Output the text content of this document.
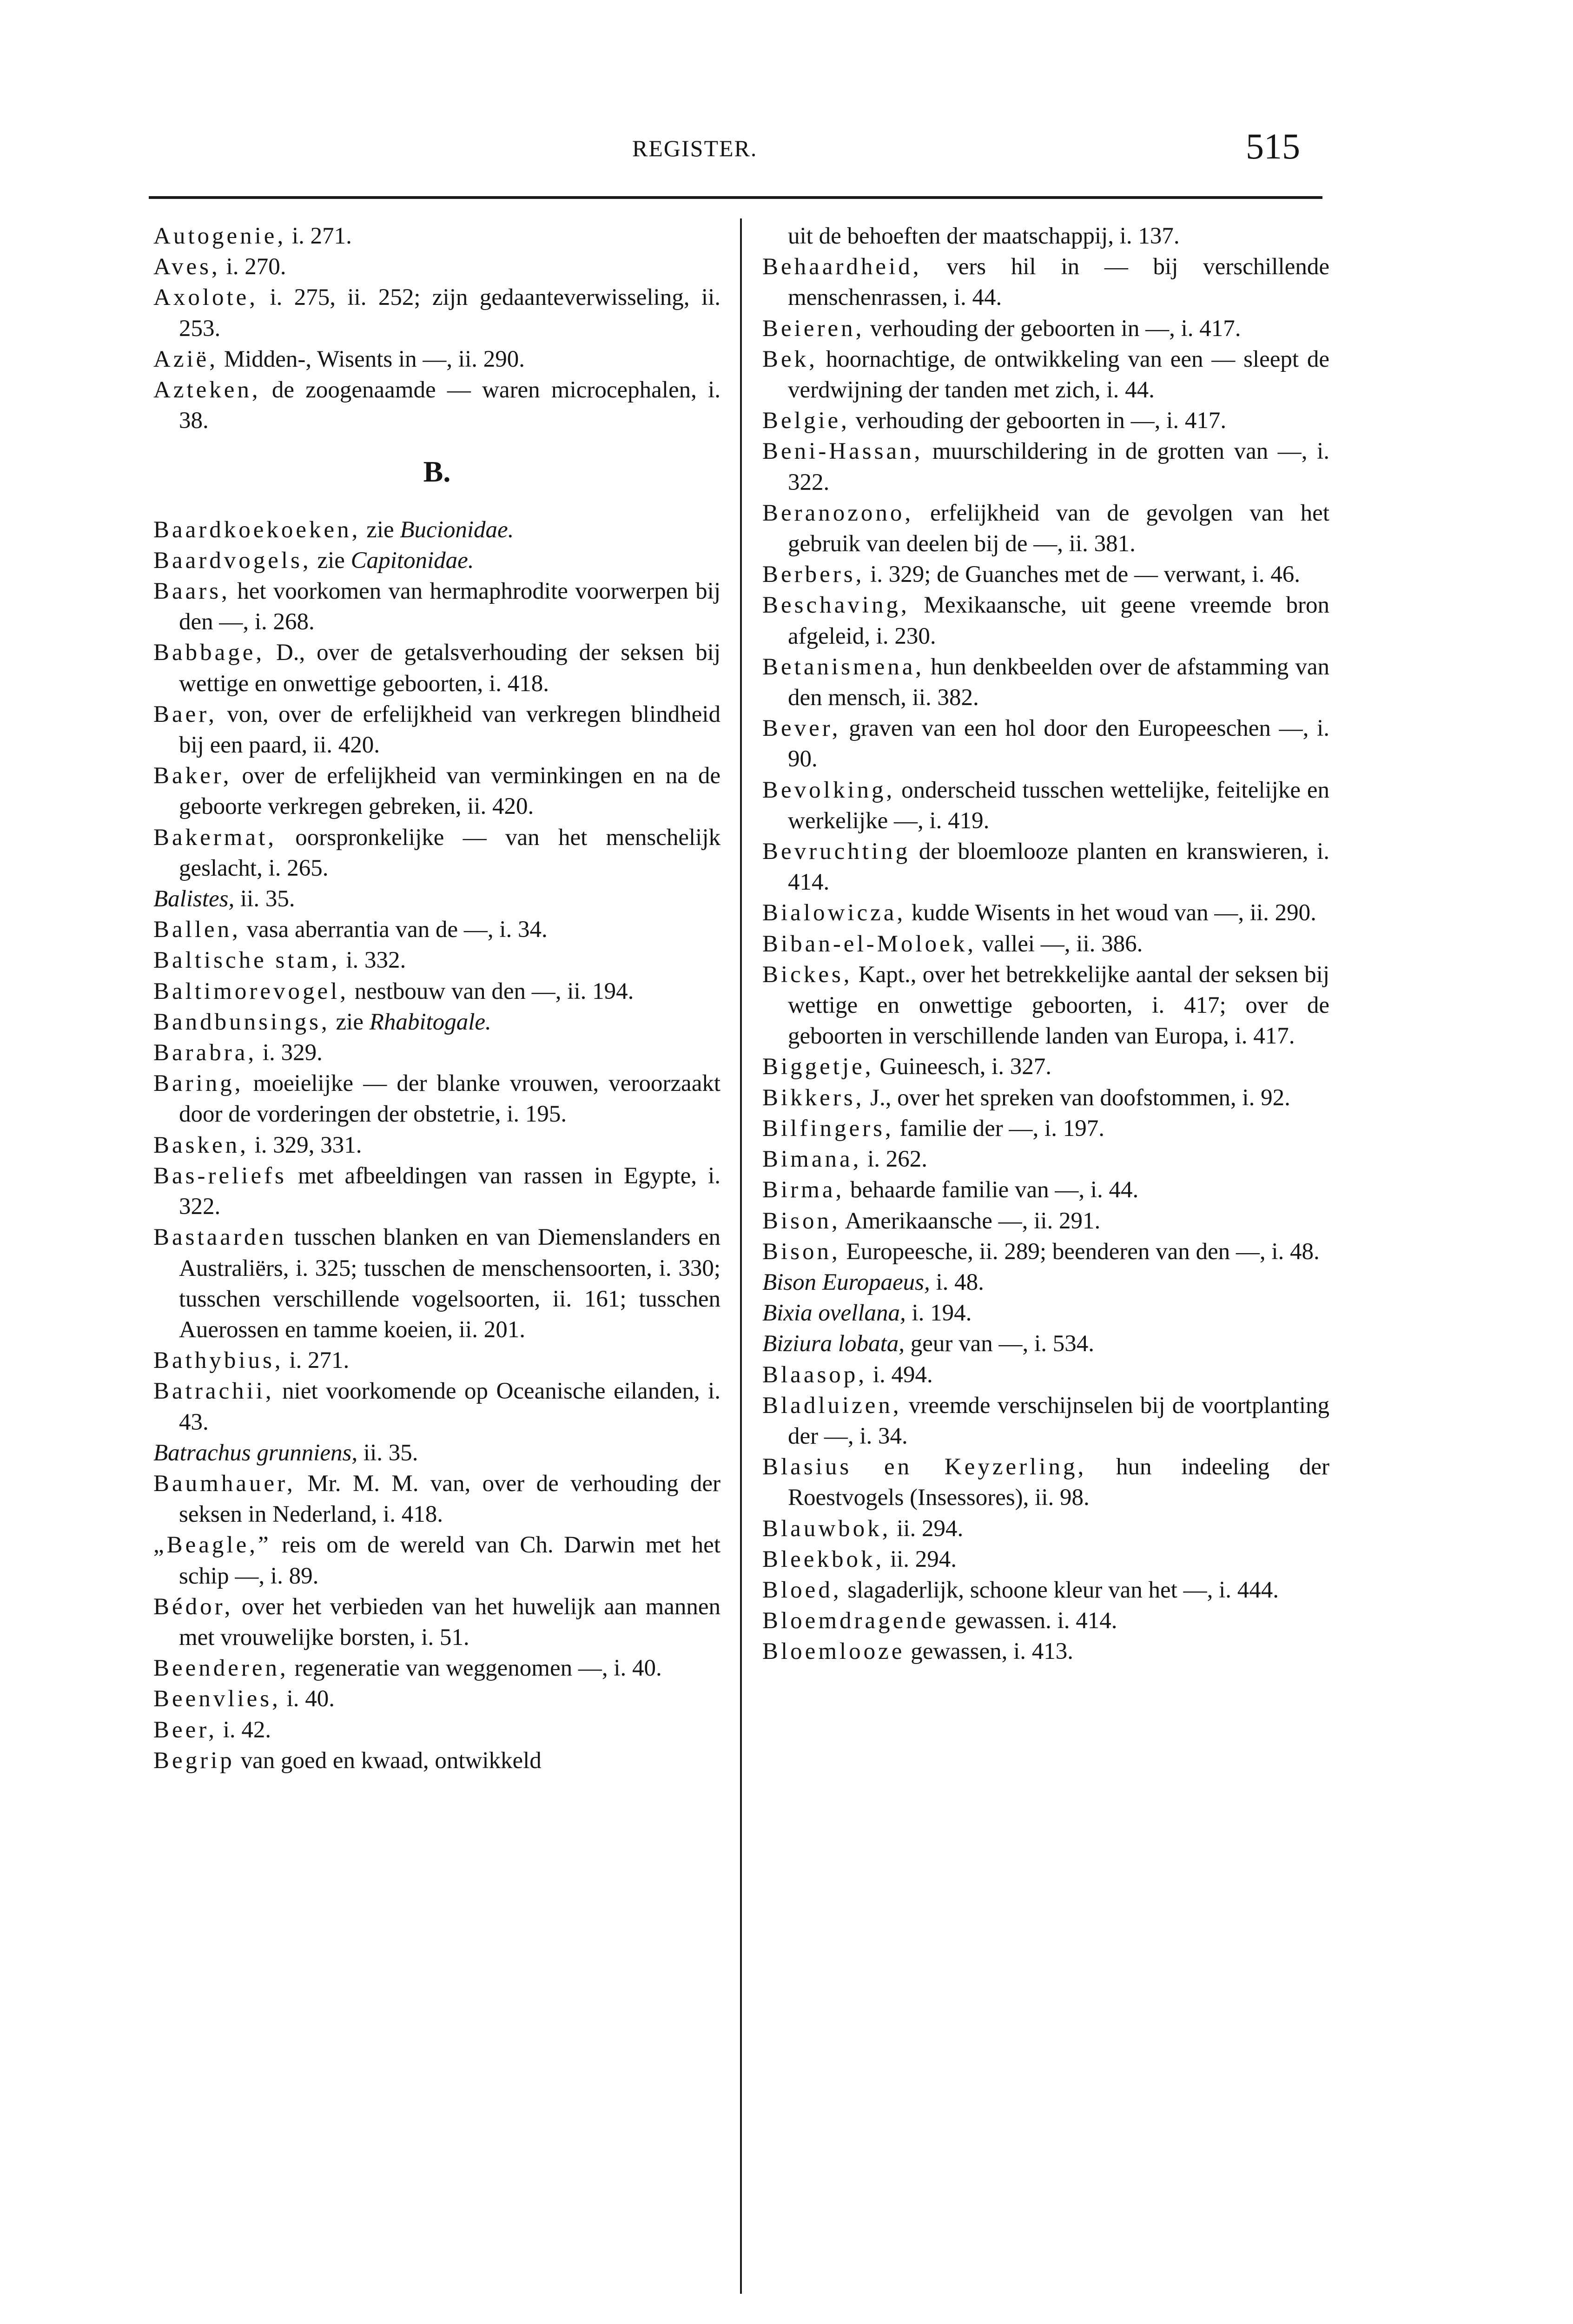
REGISTER.	515

Autogenie, i. 271.

Aves, i. 270.

Axolote, i. 275, ii. 252; zijn gedaanteverwisseling, ii. 253.

Azië, Midden-, Wisents in —, ii. 290.

Azteken, de zoogenaamde — waren microcephalen, i. 38.

B.

Baardkoekoeken, zie Bucionidae.

Baardvogels, zie Capitonidae.

Baars, het voorkomen van hermaphrodite voorwerpen bij den —, i. 268.

Babbage, D., over de getalsverhouding der seksen bij wettige en onwettige geboorten, i. 418.

Baer, von, over de erfelijkheid van verkregen blindheid bij een paard, ii. 420.

Baker, over de erfelijkheid van verminkingen en na de geboorte verkregen gebreken, ii. 420.

Bakermat, oorspronkelijke — van het menschelijk geslacht, i. 265.

Balistes, ii. 35.

Ballen, vasa aberrantia van de —, i. 34.

Baltische stam, i. 332.

Baltimorevogel, nestbouw van den —, ii. 194.

Bandbunsings, zie Rhabitogale.

Barabra, i. 329.

Baring, moeielijke — der blanke vrouwen, veroorzaakt door de vorderingen der obstetrie, i. 195.

Basken, i. 329, 331.

Bas-reliefs met afbeeldingen van rassen in Egypte, i. 322.

Bastaarden tusschen blanken en van Diemenslanders en Australiërs, i. 325; tusschen de menschensoorten, i. 330; tusschen verschillende vogelsoorten, ii. 161; tusschen Auerossen en tamme koeien, ii. 201.

Bathybius, i. 271.

Batrachii, niet voorkomende op Oceanische eilanden, i. 43.

Batrachus grunniens, ii. 35.

Baumhauer, Mr. M. M. van, over de verhouding der seksen in Nederland, i. 418.

„Beagle,” reis om de wereld van Ch. Darwin met het schip —, i. 89.

Bédor, over het verbieden van het huwelijk aan mannen met vrouwelijke borsten, i. 51.

Beenderen, regeneratie van weggenomen —, i. 40.

Beenvlies, i. 40.

Beer, i. 42.

Begrip van goed en kwaad, ontwikkeld

uit de behoeften der maatschappij, i. 137.

Behaardheid, vers hil in — bij verschillende menschenrassen, i. 44.

Beieren, verhouding der geboorten in —, i. 417.

Bek, hoornachtige, de ontwikkeling van een — sleept de verdwijning der tanden met zich, i. 44.

Belgie, verhouding der geboorten in —, i. 417.

Beni-Hassan, muurschildering in de grotten van —, i. 322.

Beranozono, erfelijkheid van de gevolgen van het gebruik van deelen bij de —, ii. 381.

Berbers, i. 329; de Guanches met de — verwant, i. 46.

Beschaving, Mexikaansche, uit geene vreemde bron afgeleid, i. 230.

Betanismena, hun denkbeelden over de afstamming van den mensch, ii. 382.

Bever, graven van een hol door den Europeeschen —, i. 90.

Bevolking, onderscheid tusschen wettelijke, feitelijke en werkelijke —, i. 419.

Bevruchting der bloemlooze planten en kranswieren, i. 414.

Bialowicza, kudde Wisents in het woud van —, ii. 290.

Biban-el-Moloek, vallei —, ii. 386.

Bickes, Kapt., over het betrekkelijke aantal der seksen bij wettige en onwettige geboorten, i. 417; over de geboorten in verschillende landen van Europa, i. 417.

Biggetje, Guineesch, i. 327.

Bikkers, J., over het spreken van doofstommen, i. 92.

Bilfingers, familie der —, i. 197.

Bimana, i. 262.

Birma, behaarde familie van —, i. 44.

Bison, Amerikaansche —, ii. 291.

Bison, Europeesche, ii. 289; beenderen van den —, i. 48.

Bison Europaeus, i. 48.

Bixia ovellana, i. 194.

Biziura lobata, geur van —, i. 534.

Blaasop, i. 494.

Bladluizen, vreemde verschijnselen bij de voortplanting der —, i. 34.

Blasius en Keyzerling, hun indeeling der Roestvogels (Insessores), ii. 98.

Blauwbok, ii. 294.

Bleekbok, ii. 294.

Bloed, slagaderlijk, schoone kleur van het —, i. 444.

Bloemdragende gewassen. i. 414.

Bloemlooze gewassen, i. 413.
